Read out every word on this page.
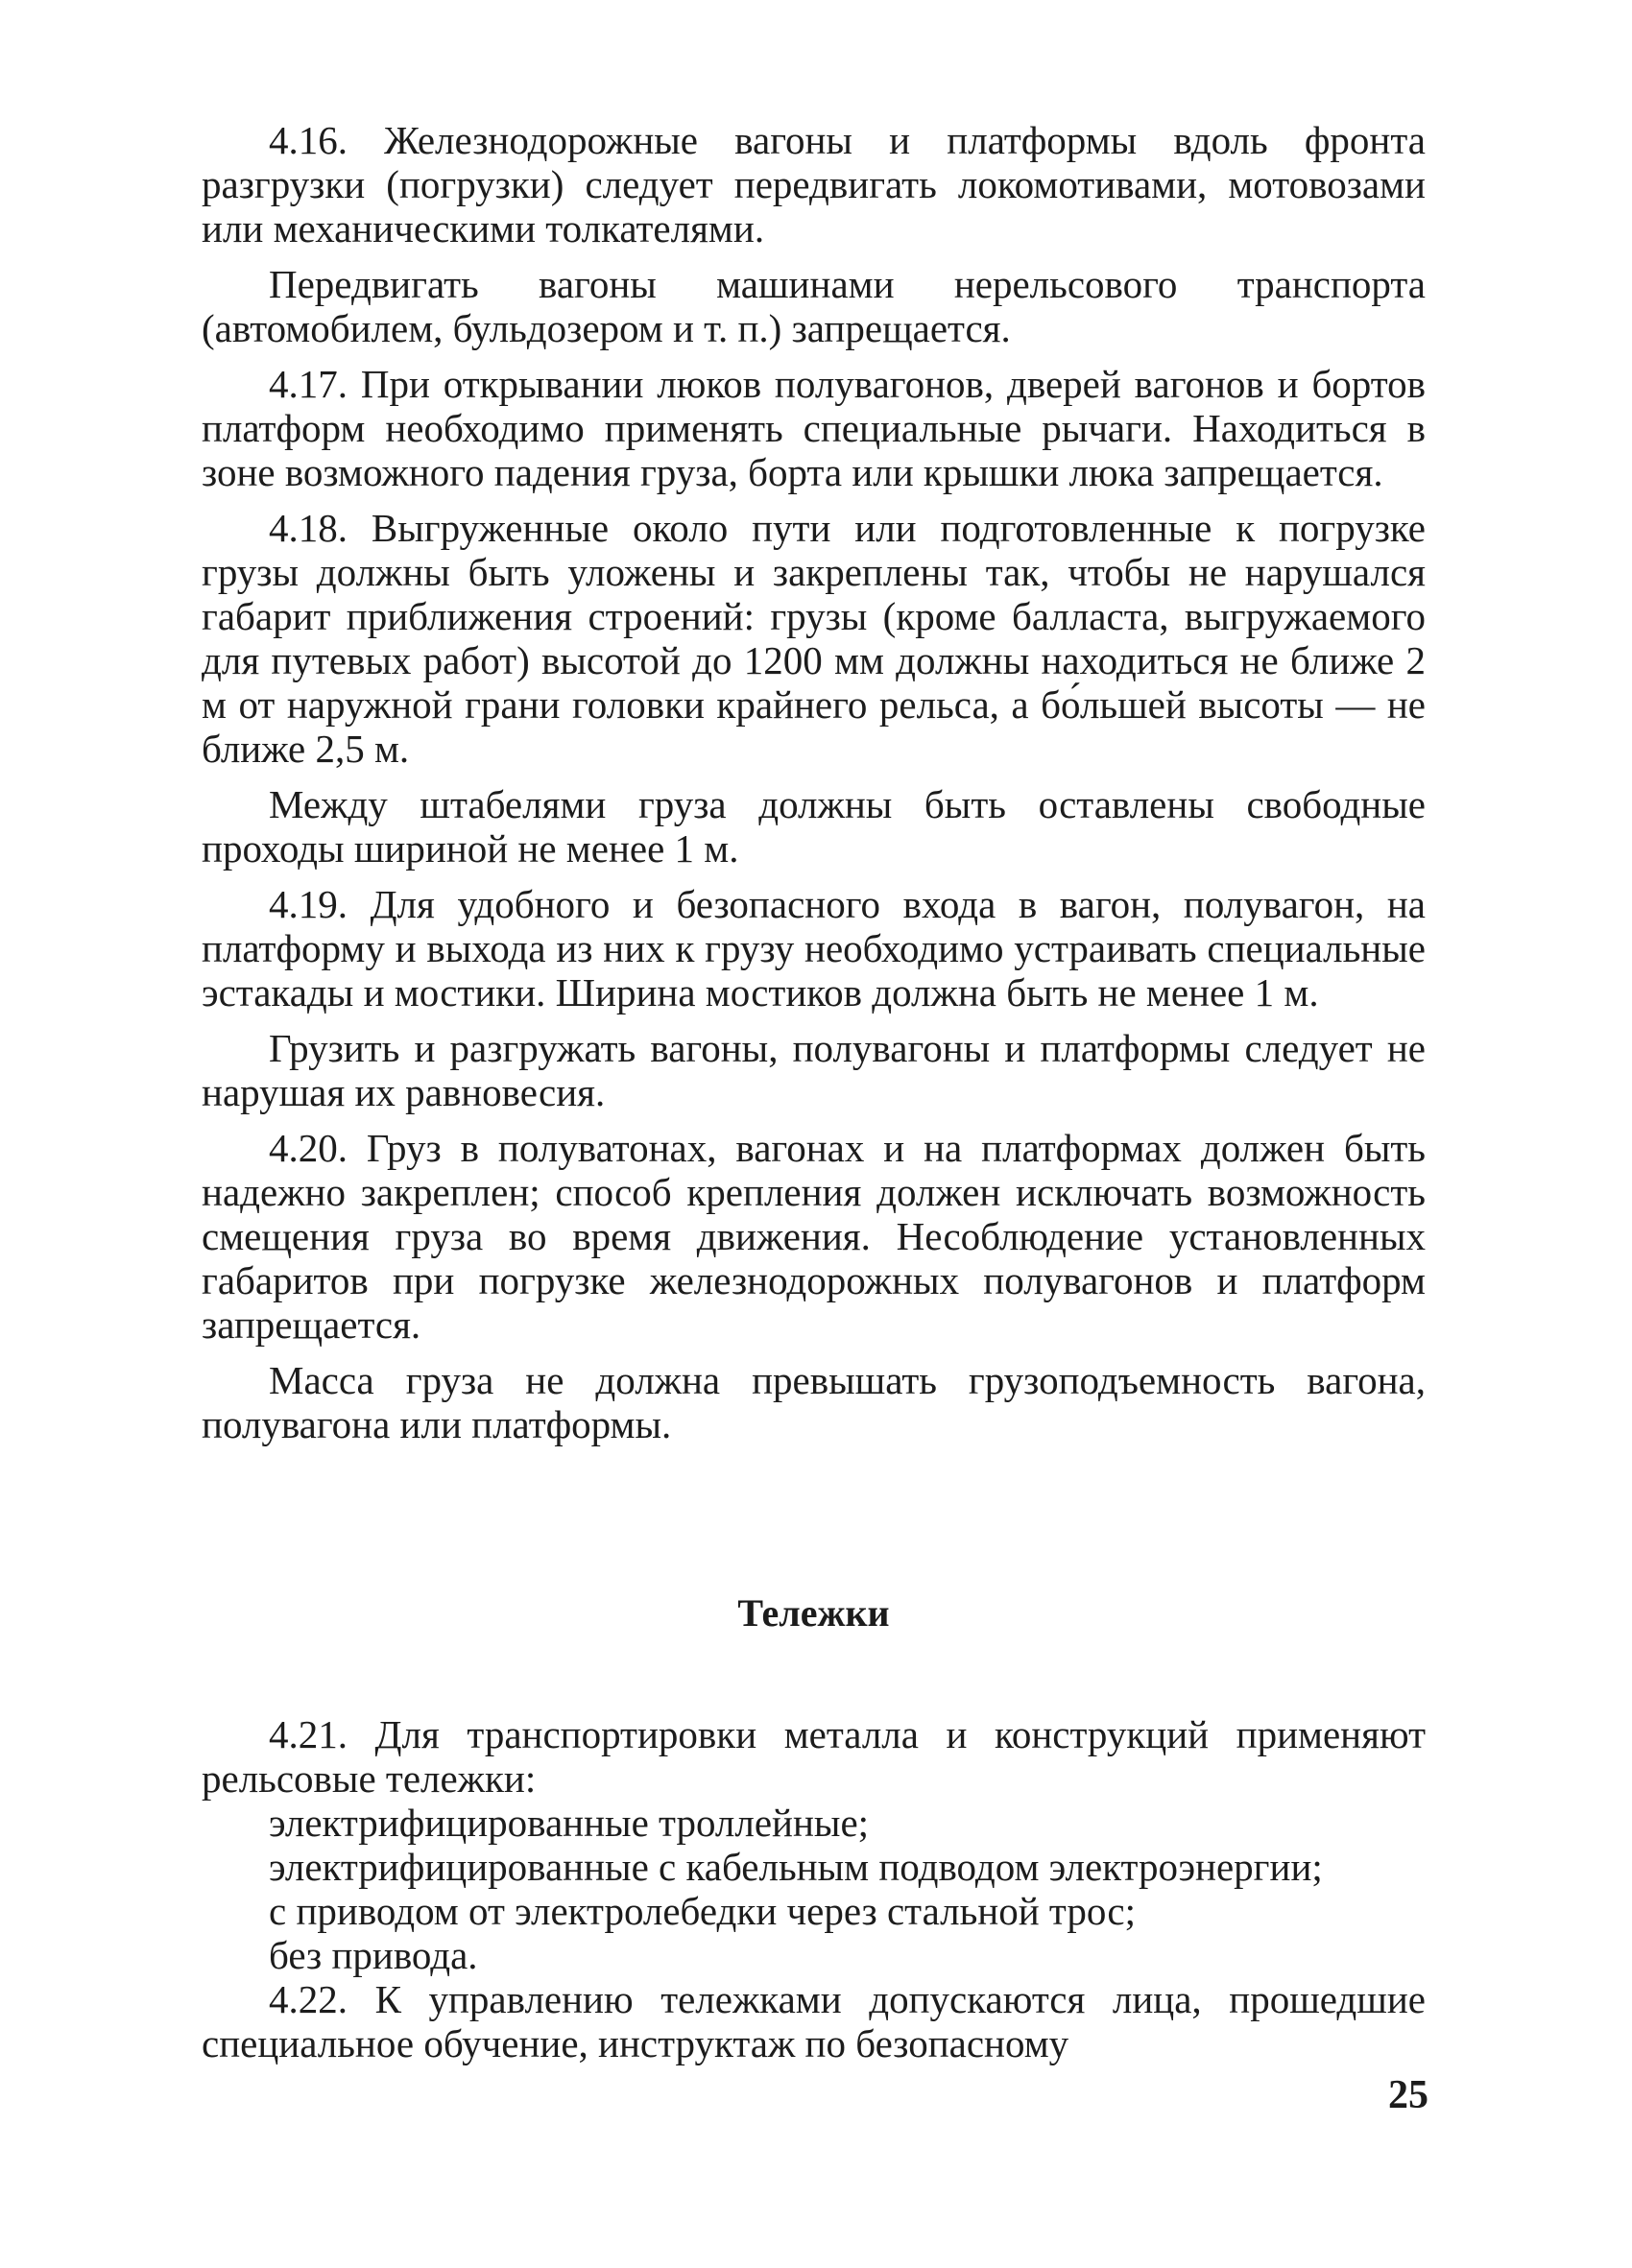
4.16. Железнодорожные вагоны и платформы вдоль фронта разгрузки (погрузки) следует передвигать локомотивами, мотовозами или механическими толкателями.

Передвигать вагоны машинами нерельсового транспорта (автомобилем, бульдозером и т. п.) запрещается.

4.17. При открывании люков полувагонов, дверей вагонов и бортов платформ необходимо применять специальные рычаги. Находиться в зоне возможного падения груза, борта или крышки люка запрещается.

4.18. Выгруженные около пути или подготовленные к погрузке грузы должны быть уложены и закреплены так, чтобы не нарушался габарит приближения строений: грузы (кроме балласта, выгружаемого для путевых работ) высотой до 1200 мм должны находиться не ближе 2 м от наружной грани головки крайнего рельса, а бо́льшей высоты — не ближе 2,5 м.

Между штабелями груза должны быть оставлены свободные проходы шириной не менее 1 м.

4.19. Для удобного и безопасного входа в вагон, полувагон, на платформу и выхода из них к грузу необходимо устраивать специальные эстакады и мостики. Ширина мостиков должна быть не менее 1 м.

Грузить и разгружать вагоны, полувагоны и платформы следует не нарушая их равновесия.

4.20. Груз в полуватонах, вагонах и на платформах должен быть надежно закреплен; способ крепления должен исключать возможность смещения груза во время движения. Несоблюдение установленных габаритов при погрузке железнодорожных полувагонов и платформ запрещается.

Масса груза не должна превышать грузоподъемность вагона, полувагона или платформы.

Тележки

4.21. Для транспортировки металла и конструкций применяют рельсовые тележки:

электрифицированные троллейные;

электрифицированные с кабельным подводом электроэнергии;

с приводом от электролебедки через стальной трос;

без привода.

4.22. К управлению тележками допускаются лица, прошедшие специальное обучение, инструктаж по безопасному

25
